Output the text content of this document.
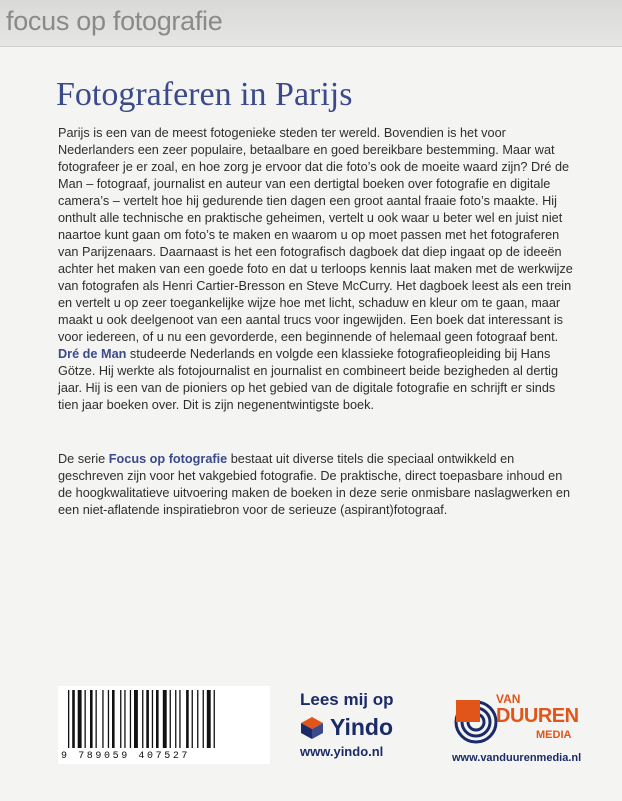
focus op fotografie
Fotograferen in Parijs

Parijs is een van de meest fotogenieke steden ter wereld. Bovendien is het voor Nederlanders een zeer populaire, betaalbare en goed bereikbare bestemming. Maar wat fotografeer je er zoal, en hoe zorg je ervoor dat die foto’s ook de moeite waard zijn? Dré de Man – fotograaf, journalist en auteur van een dertigtal boeken over fotografie en digitale camera’s – vertelt hoe hij gedurende tien dagen een groot aantal fraaie foto’s maakte. Hij onthult alle technische en praktische geheimen, vertelt u ook waar u beter wel en juist niet naartoe kunt gaan om foto’s te maken en waarom u op moet passen met het fotograferen van Parijzenaars. Daarnaast is het een fotografisch dagboek dat diep ingaat op de ideeën achter het maken van een goede foto en dat u terloops kennis laat maken met de werkwijze van fotografen als Henri Cartier-Bresson en Steve McCurry. Het dagboek leest als een trein en vertelt u op zeer toegankelijke wijze hoe met licht, schaduw en kleur om te gaan, maar maakt u ook deelgenoot van een aantal trucs voor ingewijden. Een boek dat interessant is voor iedereen, of u nu een gevorderde, een beginnende of helemaal geen fotograaf bent.

Dré de Man studeerde Nederlands en volgde een klassieke fotografieopleiding bij Hans Götze. Hij werkte als fotojournalist en journalist en combineert beide bezigheden al dertig jaar. Hij is een van de pioniers op het gebied van de digitale fotografie en schrijft er sinds tien jaar boeken over. Dit is zijn negenentwintigste boek.

De serie Focus op fotografie bestaat uit diverse titels die speciaal ontwikkeld en geschreven zijn voor het vakgebied fotografie. De praktische, direct toepasbare inhoud en de hoogkwalitatieve uitvoering maken de boeken in deze serie onmisbare naslagwerken en een niet-aflatende inspiratiebron voor de serieuze (aspirant)fotograaf.

9 789059 407527
Lees mij op
Yindo
www.yindo.nl
VAN
DUUREN
MEDIA
www.vanduurenmedia.nl
